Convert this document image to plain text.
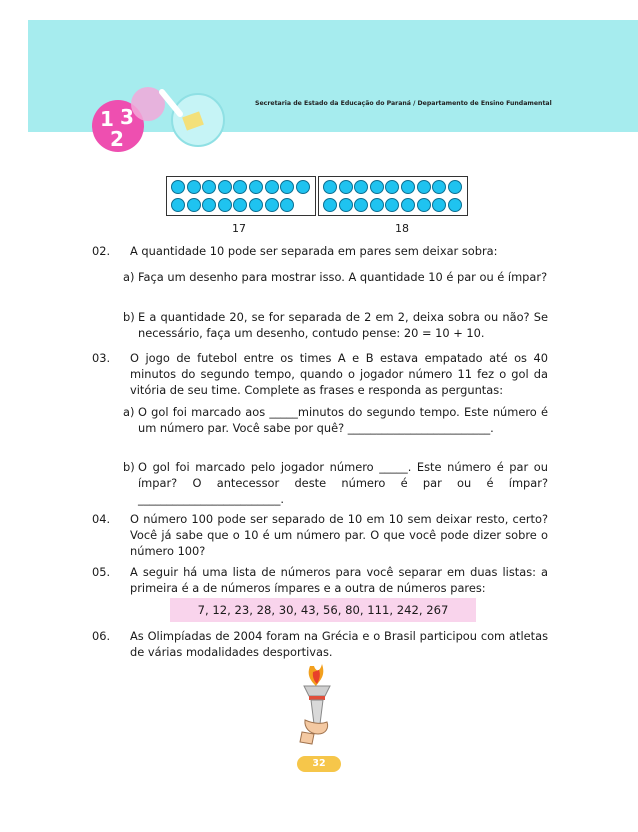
1 3
2
Secretaria de Estado da Educação do Paraná / Departamento de Ensino Fundamental
17	18
02. A quantidade 10 pode ser separada em pares sem deixar sobra:
a) Faça um desenho para mostrar isso. A quantidade 10 é par ou é ímpar?
b) E a quantidade 20, se for separada de 2 em 2, deixa sobra ou não? Se necessário, faça um desenho, contudo pense: 20 = 10 + 10.
03. O jogo de futebol entre os times A e B estava empatado até os 40 minutos do segundo tempo, quando o jogador número 11 fez o gol da vitória de seu time. Complete as frases e responda as perguntas:
a) O gol foi marcado aos _____minutos do segundo tempo. Este número é um número par. Você sabe por quê? _________________________.
b) O gol foi marcado pelo jogador número _____. Este número é par ou ímpar? O antecessor deste número é par ou é ímpar? _________________________.
04. O número 100 pode ser separado de 10 em 10 sem deixar resto, certo? Você já sabe que o 10 é um número par. O que você pode dizer sobre o número 100?
05. A seguir há uma lista de números para você separar em duas listas: a primeira é a de números ímpares e a outra de números pares:
7, 12, 23, 28, 30, 43, 56, 80, 111, 242, 267
06. As Olimpíadas de 2004 foram na Grécia e o Brasil participou com atletas de várias modalidades desportivas.
32
